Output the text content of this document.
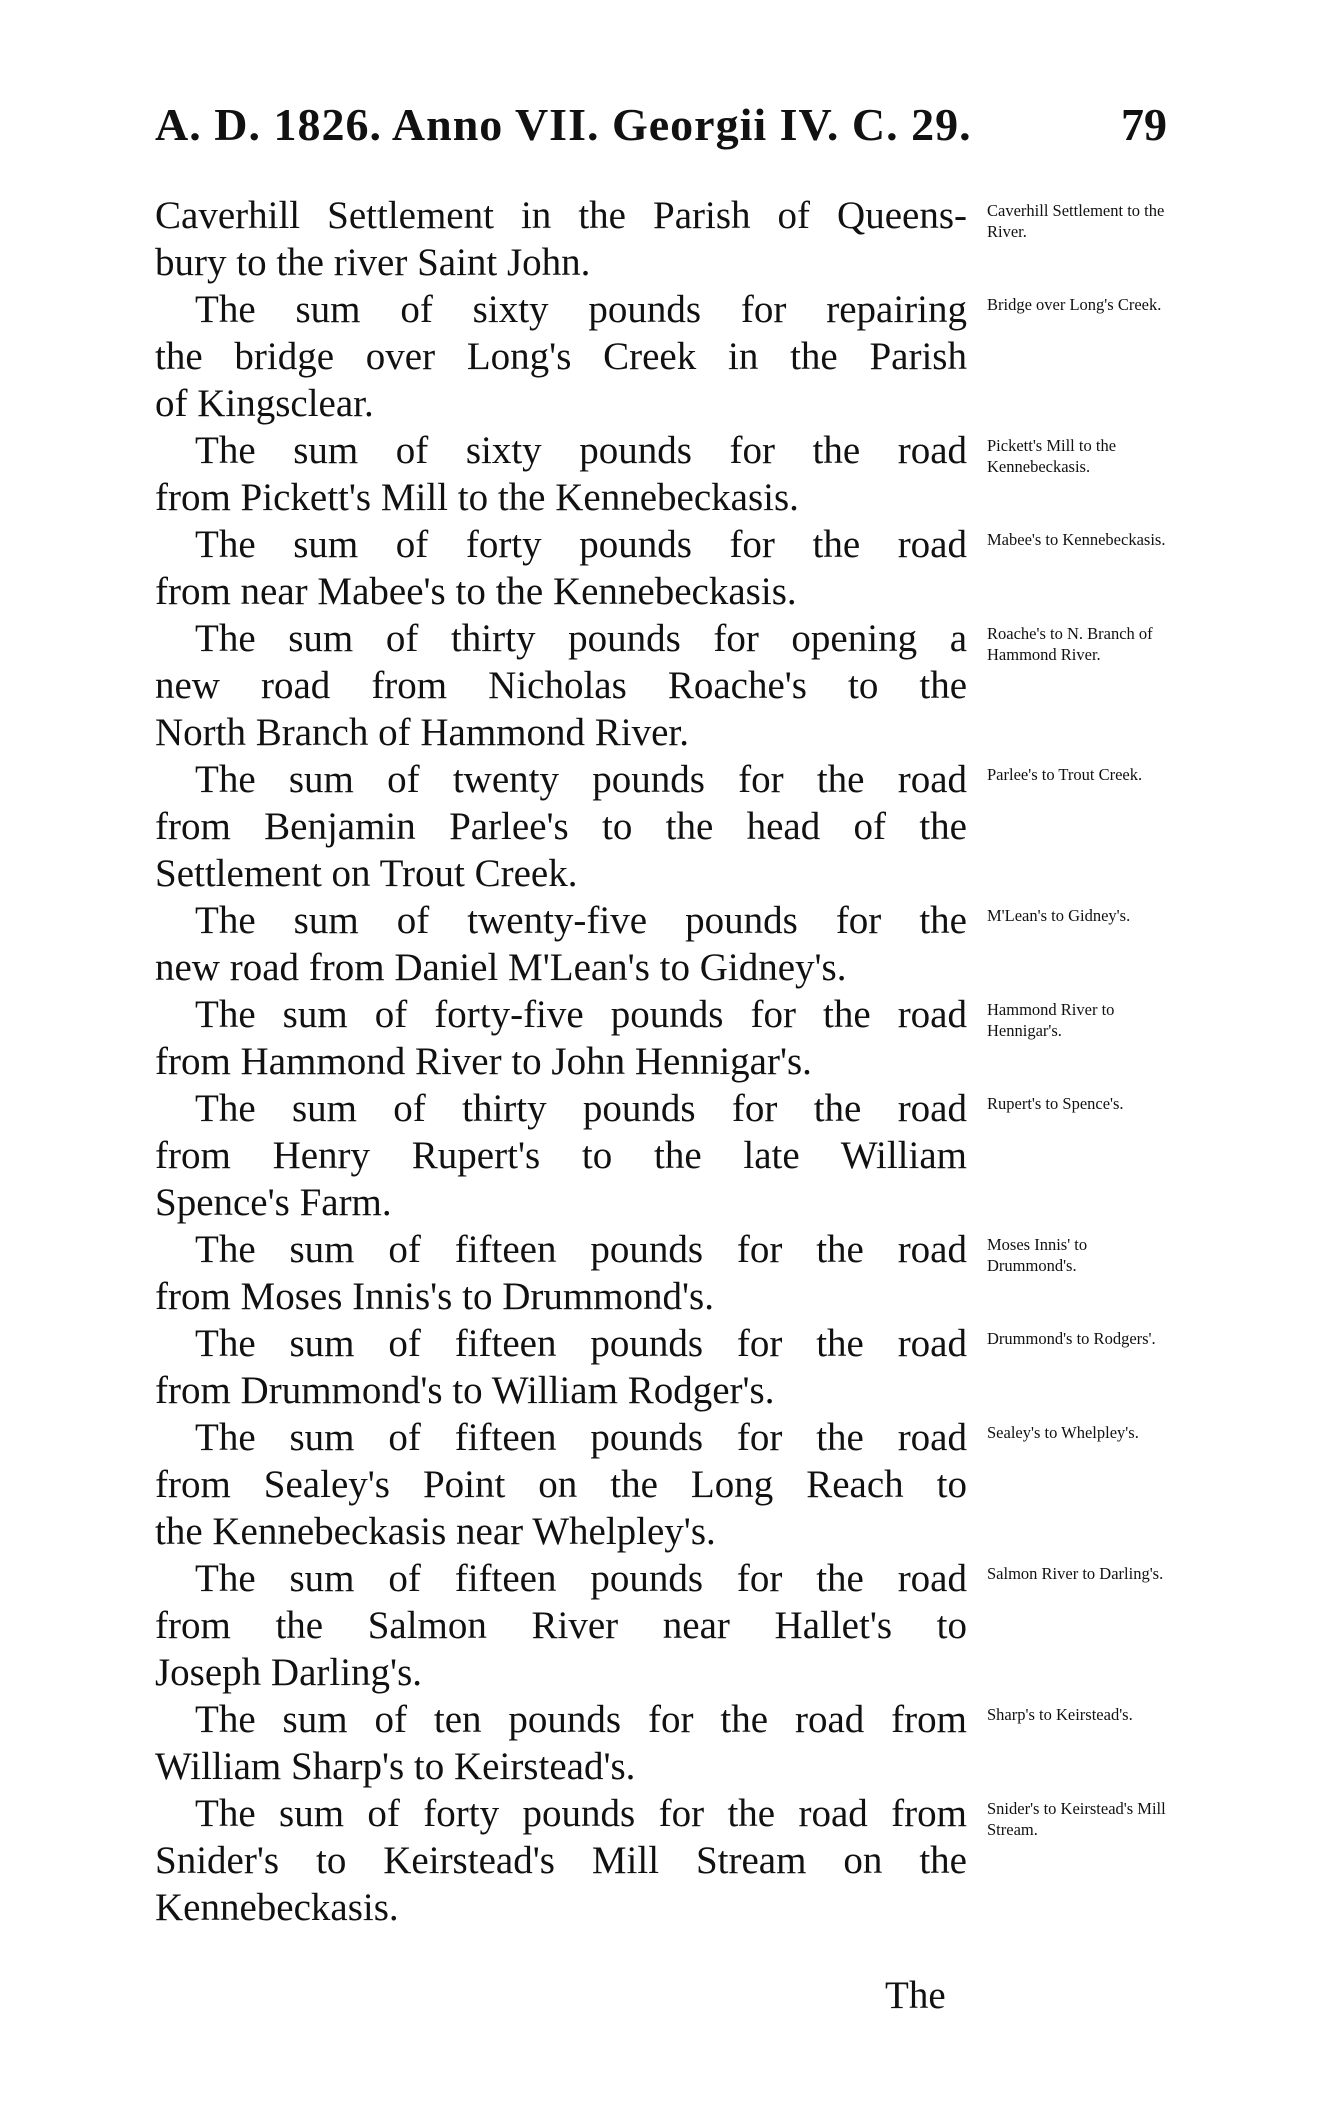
A. D. 1826. Anno VII. Georgii IV. C. 29.	79
Caverhill Settlement in the Parish of Queens-
bury to the river Saint John.
Caverhill Settlement to the River.
The sum of sixty pounds for repairing
the bridge over Long's Creek in the Parish
of Kingsclear.
Bridge over Long's Creek.
The sum of sixty pounds for the road
from Pickett's Mill to the Kennebeckasis.
Pickett's Mill to the Kennebeckasis.
The sum of forty pounds for the road
from near Mabee's to the Kennebeckasis.
Mabee's to Kennebeckasis.
The sum of thirty pounds for opening a
new road from Nicholas Roache's to the
North Branch of Hammond River.
Roache's to N. Branch of Hammond River.
The sum of twenty pounds for the road
from Benjamin Parlee's to the head of the
Settlement on Trout Creek.
Parlee's to Trout Creek.
The sum of twenty-five pounds for the
new road from Daniel M'Lean's to Gidney's.
M'Lean's to Gidney's.
The sum of forty-five pounds for the road
from Hammond River to John Hennigar's.
Hammond River to Hennigar's.
The sum of thirty pounds for the road
from Henry Rupert's to the late William
Spence's Farm.
Rupert's to Spence's.
The sum of fifteen pounds for the road
from Moses Innis's to Drummond's.
Moses Innis' to Drummond's.
The sum of fifteen pounds for the road
from Drummond's to William Rodger's.
Drummond's to Rodgers'.
The sum of fifteen pounds for the road
from Sealey's Point on the Long Reach to
the Kennebeckasis near Whelpley's.
Sealey's to Whelpley's.
The sum of fifteen pounds for the road
from the Salmon River near Hallet's to
Joseph Darling's.
Salmon River to Darling's.
The sum of ten pounds for the road from
William Sharp's to Keirstead's.
Sharp's to Keirstead's.
The sum of forty pounds for the road from
Snider's to Keirstead's Mill Stream on the
Kennebeckasis.
Snider's to Keirstead's Mill Stream.
The
